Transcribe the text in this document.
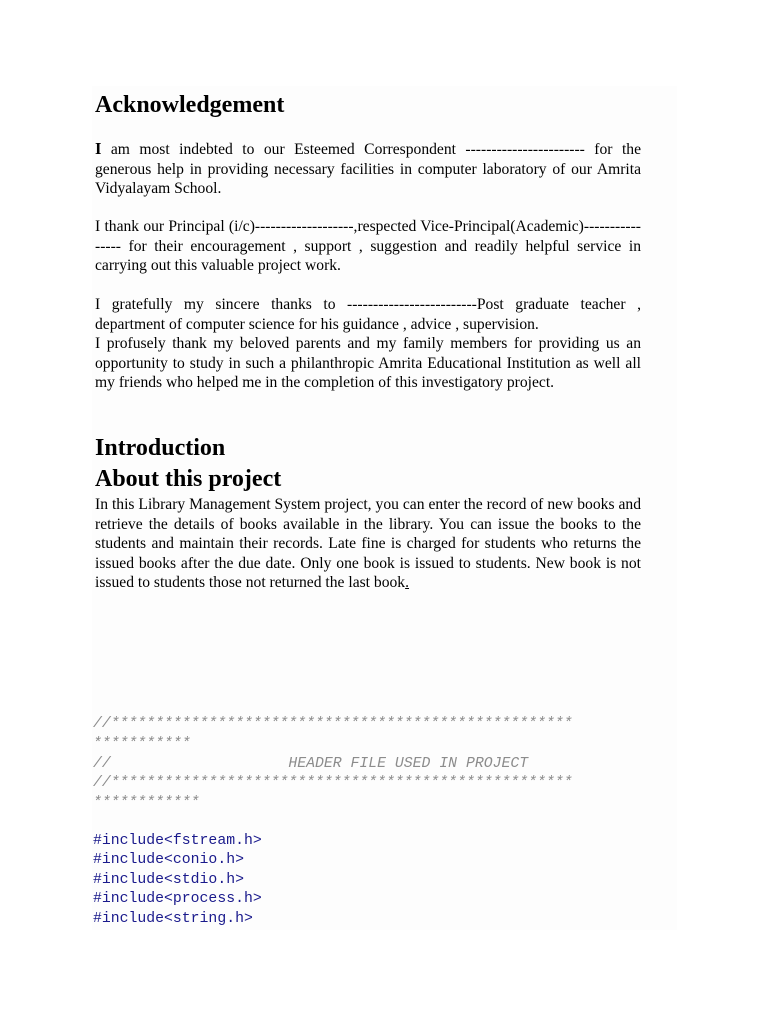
Acknowledgement
I am most indebted to our Esteemed Correspondent ----------------------- for the generous help in providing necessary facilities in computer laboratory of our Amrita Vidyalayam School.
I thank our Principal (i/c)-------------------,respected Vice-Principal(Academic)---------------- for their encouragement , support , suggestion and readily helpful service in carrying out this valuable project work.
I gratefully my sincere thanks to -------------------------Post graduate teacher , department of computer science for his guidance , advice , supervision.
I profusely thank my beloved parents and my family members for providing us an opportunity to study in such a philanthropic Amrita Educational Institution as well all my friends who helped me in the completion of this investigatory project.
Introduction
About this project
In this Library Management System project, you can enter the record of new books and retrieve the details of books available in the library. You can issue the books to the students and maintain their records. Late fine is charged for students who returns the issued books after the due date. Only one book is issued to students. New book is not issued to students those not returned the last book.
//****************************************************
***********
//                    HEADER FILE USED IN PROJECT
//****************************************************
************
#include<fstream.h>
#include<conio.h>
#include<stdio.h>
#include<process.h>
#include<string.h>
